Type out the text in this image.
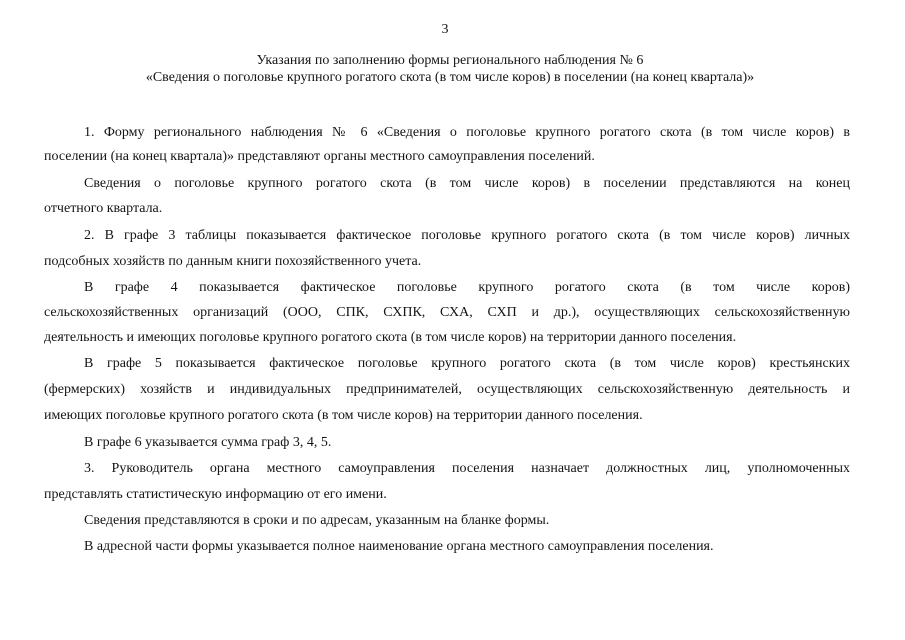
3
Указания по заполнению формы регионального наблюдения № 6
«Сведения о поголовье крупного рогатого скота (в том числе коров) в поселении (на конец квартала)»
1. Форму регионального наблюдения № 6 «Сведения о поголовье крупного рогатого скота (в том числе коров) в
поселении (на конец квартала)» представляют органы местного самоуправления поселений.
Сведения о поголовье крупного рогатого скота (в том числе коров) в поселении представляются на конец
отчетного квартала.
2. В графе 3 таблицы показывается фактическое поголовье крупного рогатого скота (в том числе коров) личных
подсобных хозяйств по данным книги похозяйственного учета.
В графе 4 показывается фактическое поголовье крупного рогатого скота (в том числе коров)
сельскохозяйственных организаций (ООО, СПК, СХПК, СХА, СХП и др.), осуществляющих сельскохозяйственную
деятельность и имеющих поголовье крупного рогатого скота (в том числе коров) на территории данного поселения.
В графе 5 показывается фактическое поголовье крупного рогатого скота (в том числе коров) крестьянских
(фермерских) хозяйств и индивидуальных предпринимателей, осуществляющих сельскохозяйственную деятельность и
имеющих поголовье крупного рогатого скота (в том числе коров) на территории данного поселения.
В графе 6 указывается сумма граф 3, 4, 5.
3. Руководитель органа местного самоуправления поселения назначает должностных лиц, уполномоченных
представлять статистическую информацию от его имени.
Сведения представляются в сроки и по адресам, указанным на бланке формы.
В адресной части формы указывается полное наименование органа местного самоуправления поселения.
